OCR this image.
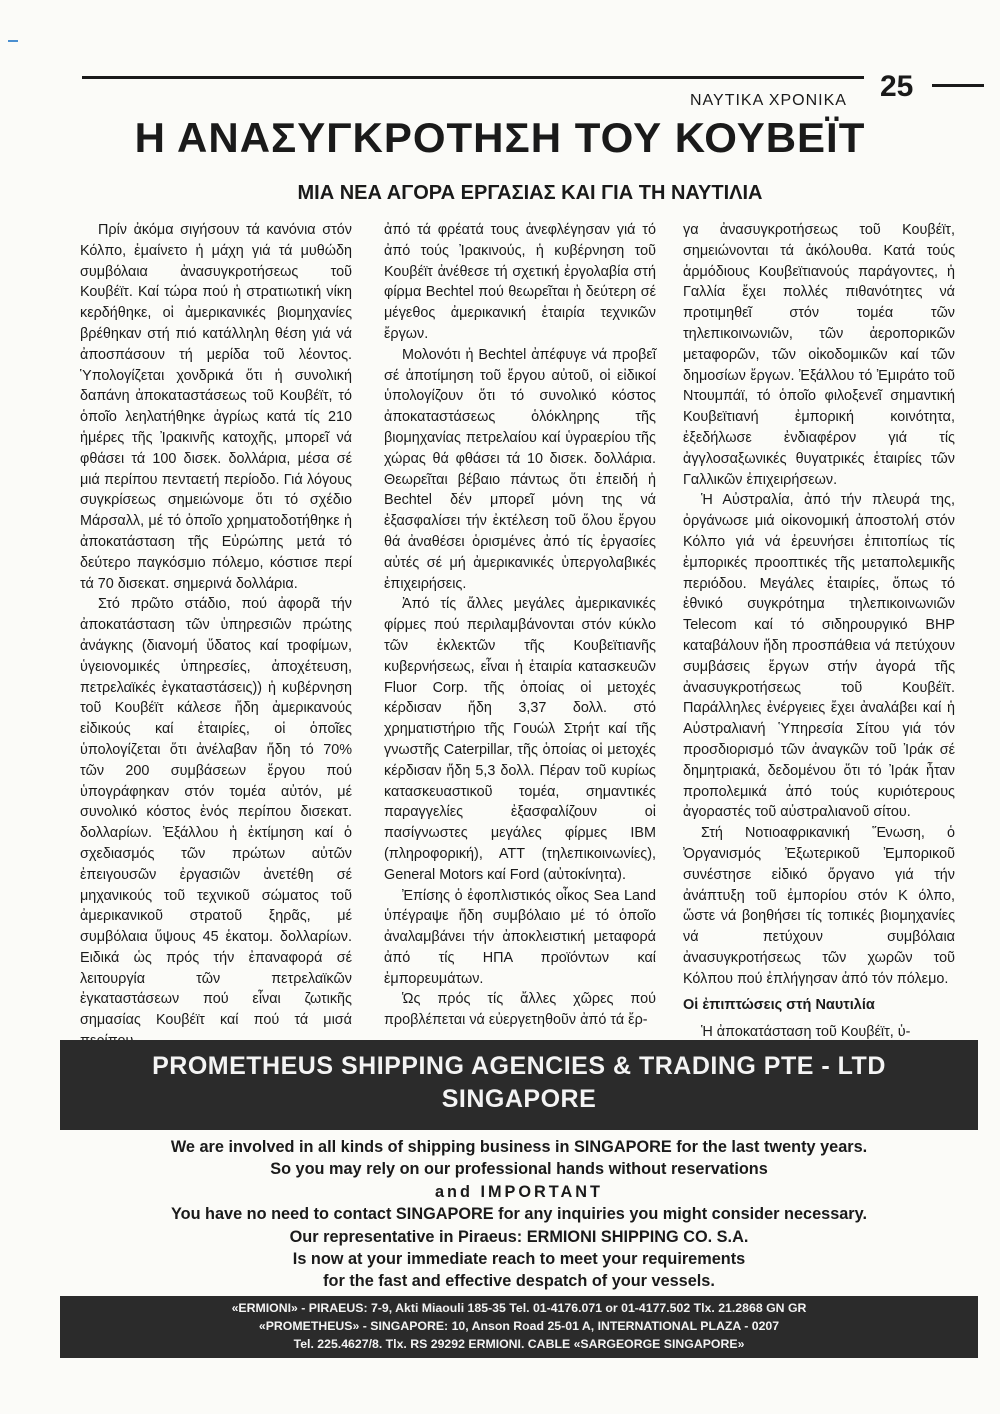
ΝΑΥΤΙΚΑ ΧΡΟΝΙΚΑ 25
Η ΑΝΑΣΥΓΚΡΟΤΗΣΗ ΤΟΥ ΚΟΥΒΕΪΤ
ΜΙΑ ΝΕΑ ΑΓΟΡΑ ΕΡΓΑΣΙΑΣ ΚΑΙ ΓΙΑ ΤΗ ΝΑΥΤΙΛΙΑ

Πρίν ἀκόμα σιγήσουν τά κανόνια στόν Κόλπο, ἐμαίνετο ἡ μάχη γιά τά μυθώδη συμβόλαια ἀνασυγκροτήσεως τοῦ Κουβέϊτ. Καί τώρα πού ἡ στρατιωτική νίκη κερδήθηκε, οἱ ἀμερικανικές βιομηχανίες βρέθηκαν στή πιό κατάλληλη θέση γιά νά ἀποσπάσουν τή μερίδα τοῦ λέοντος. Ὑπολογίζεται χονδρικά ὅτι ἡ συνολική δαπάνη ἀποκαταστάσεως τοῦ Κουβέϊτ, τό ὁποῖο λεηλατήθηκε ἀγρίως κατά τίς 210 ἡμέρες τῆς Ἰρακινῆς κατοχῆς, μπορεῖ νά φθάσει τά 100 δισεκ. δολλάρια, μέσα σέ μιά περίπου πενταετή περίοδο. Γιά λόγους συγκρίσεως σημειώνομε ὅτι τό σχέδιο Μάρσαλλ, μέ τό ὁποῖο χρηματοδοτήθηκε ἡ ἀποκατάσταση τῆς Εὐρώπης μετά τό δεύτερο παγκόσμιο πόλεμο, κόστισε περί τά 70 δισεκατ. σημερινά δολλάρια.

Στό πρῶτο στάδιο, πού ἀφορᾶ τήν ἀποκατάσταση τῶν ὑπηρεσιῶν πρώτης ἀνάγκης (διανομή ὕδατος καί τροφίμων, ὑγειονομικές ὑπηρεσίες, ἀποχέτευση, πετρελαϊκές ἐγκαταστάσεις)) ἡ κυβέρνηση τοῦ Κουβέϊτ κάλεσε ἤδη ἀμερικανούς εἰδικούς καί ἑταιρίες, οἱ ὁποῖες ὑπολογίζεται ὅτι ἀνέλαβαν ἤδη τό 70% τῶν 200 συμβάσεων ἔργου πού ὑπογράφηκαν στόν τομέα αὐτόν, μέ συνολικό κόστος ἑνός περίπου δισεκατ. δολλαρίων. Ἐξάλλου ἡ ἐκτίμηση καί ὁ σχεδιασμός τῶν πρώτων αὐτῶν ἐπειγουσῶν ἐργασιῶν ἀνετέθη σέ μηχανικούς τοῦ τεχνικοῦ σώματος τοῦ ἀμερικανικοῦ στρατοῦ ξηρᾶς, μέ συμβόλαια ὕψους 45 ἑκατομ. δολλαρίων. Ειδικά ὡς πρός τήν ἐπαναφορά σέ λειτουργία τῶν πετρελαϊκῶν ἐγκαταστάσεων πού εἶναι ζωτικῆς σημασίας Κουβέϊτ καί πού τά μισά

ἀπό τά φρέατά τους ἀνεφλέγησαν γιά τό ἀπό τούς Ἰρακινούς, ἡ κυβέρνηση τοῦ Κουβέϊτ ἀνέθεσε τή σχετική ἐργολαβία στή φίρμα Bechtel πού θεωρεῖται ἡ δεύτερη σέ μέγεθος ἀμερικανική ἑταιρία τεχνικῶν ἔργων.

Μολονότι ἡ Bechtel ἀπέφυγε νά προβεῖ σέ ἀποτίμηση τοῦ ἔργου αὐτοῦ, οἱ εἰδικοί ὑπολογίζουν ὅτι τό συνολικό κόστος ἀποκαταστάσεως ὁλόκληρης τῆς βιομηχανίας πετρελαίου καί ὑγραερίου τῆς χώρας θά φθάσει τά 10 δισεκ. δολλάρια. Θεωρεῖται βέβαιο πάντως ὅτι ἐπειδή ἡ Bechtel δέν μπορεῖ μόνη της νά ἐξασφαλίσει τήν ἐκτέλεση τοῦ ὅλου ἔργου θά ἀναθέσει ὁρισμένες ἀπό τίς ἐργασίες αὐτές σέ μή ἀμερικανικές ὑπεργολαβικές ἐπιχειρήσεις.

Ἀπό τίς ἄλλες μεγάλες ἀμερικανικές φίρμες πού περιλαμβάνονται στόν κύκλο τῶν ἐκλεκτῶν τῆς Κουβεϊτιανῆς κυβερνήσεως, εἶναι ἡ ἑταιρία κατασκευῶν Fluor Corp. τῆς ὁποίας οἱ μετοχές κέρδισαν ἤδη 3,37 δολλ. στό χρηματιστήριο τῆς Γουώλ Στρήτ καί τῆς γνωστῆς Caterpillar, τῆς ὁποίας οἱ μετοχές κέρδισαν ἤδη 5,3 δολλ. Πέραν τοῦ κυρίως κατασκευαστικοῦ τομέα, σημαντικές παραγγελίες ἐξασφαλίζουν οἱ πασίγνωστες μεγάλες φίρμες IBM (πληροφορική), ATT (τηλεπικοινωνίες), General Motors καί Ford (αὐτοκίνητα).

Ἐπίσης ὁ ἐφοπλιστικός οἶκος Sea Land ὑπέγραψε ἤδη συμβόλαιο μέ τό ὁποῖο ἀναλαμβάνει τήν ἀποκλειστική μεταφορά ἀπό τίς ΗΠΑ προϊόντων καί ἐμπορευμάτων.

Ὡς πρός τίς ἄλλες χῶρες πού προβλέπεται νά εὐεργετηθοῦν ἀπό τά ἔρ-

γα ἀνασυγκροτήσεως τοῦ Κουβέϊτ, σημειώνονται τά ἀκόλουθα. Κατά τούς ἁρμόδιους Κουβεϊτιανούς παράγοντες, ἡ Γαλλία ἔχει πολλές πιθανότητες νά προτιμηθεῖ στόν τομέα τῶν τηλεπικοινωνιῶν, τῶν ἀεροπορικῶν μεταφορῶν, τῶν οἰκοδομικῶν καί τῶν δημοσίων ἔργων. Ἐξάλλου τό Ἐμιράτο τοῦ Ντουμπάϊ, τό ὁποῖο φιλοξενεῖ σημαντική Κουβεϊτιανή ἐμπορική κοινότητα, ἐξεδήλωσε ἐνδιαφέρον γιά τίς ἀγγλοσαξωνικές θυγατρικές ἑταιρίες τῶν Γαλλικῶν ἐπιχειρήσεων.

Ἡ Αὐστραλία, ἀπό τήν πλευρά της, ὀργάνωσε μιά οἰκονομική ἀποστολή στόν Κόλπο γιά νά ἐρευνήσει ἐπιτοπίως τίς ἐμπορικές προοπτικές τῆς μεταπολεμικῆς περιόδου. Μεγάλες ἑταιρίες, ὅπως τό ἐθνικό συγκρότημα τηλεπικοινωνιῶν Telecom καί τό σιδηρουργικό BHP καταβάλουν ἤδη προσπάθεια νά πετύχουν συμβάσεις ἔργων στήν ἀγορά τῆς ἀνασυγκροτήσεως τοῦ Κουβέϊτ. Παράλληλες ἐνέργειες ἔχει ἀναλάβει καί ἡ Αὐστραλιανή Ὑπηρεσία Σίτου γιά τόν προσδιορισμό τῶν ἀναγκῶν τοῦ Ἰράκ σέ δημητριακά, δεδομένου ὅτι τό Ἰράκ ἦταν προπολεμικά ἀπό τούς κυριότερους ἀγοραστές τοῦ αὐστραλιανοῦ σίτου.

Στή Νοτιοαφρικανική Ἕνωση, ὁ Ὀργανισμός Ἐξωτερικοῦ Ἐμπορικοῦ συνέστησε εἰδικό ὄργανο γιά τήν ἀνάπτυξη τοῦ ἐμπορίου στόν Κ όλπο, ὥστε νά βοηθήσει τίς τοπικές βιομηχανίες νά πετύχουν συμβόλαια ἀνασυγκροτήσεως τῶν χωρῶν τοῦ Κόλπου πού ἐπλήγησαν ἀπό τόν πόλεμο.

Οἱ ἐπιπτώσεις στή Ναυτιλία

Ἡ ἀποκατάσταση τοῦ Κουβέϊτ, ὑ-

PROMETHEUS SHIPPING AGENCIES & TRADING PTE - LTD
SINGAPORE
We are involved in all kinds of shipping business in SINGAPORE for the last twenty years.
So you may rely on our professional hands without reservations
and IMPORTANT
You have no need to contact SINGAPORE for any inquiries you might consider necessary.
Our representative in Piraeus: ERMIONI SHIPPING CO. S.A.
Is now at your immediate reach to meet your requirements
for the fast and effective despatch of your vessels.
«ERMIONI» - PIRAEUS: 7-9, Akti Miaouli 185-35 Tel. 01-4176.071 or 01-4177.502 Tlx. 21.2868 GN GR
«PROMETHEUS» - SINGAPORE: 10, Anson Road 25-01 A, INTERNATIONAL PLAZA - 0207
Tel. 225.4627/8. Tlx. RS 29292 ERMIONI. CABLE «SARGEORGE SINGAPORE»
